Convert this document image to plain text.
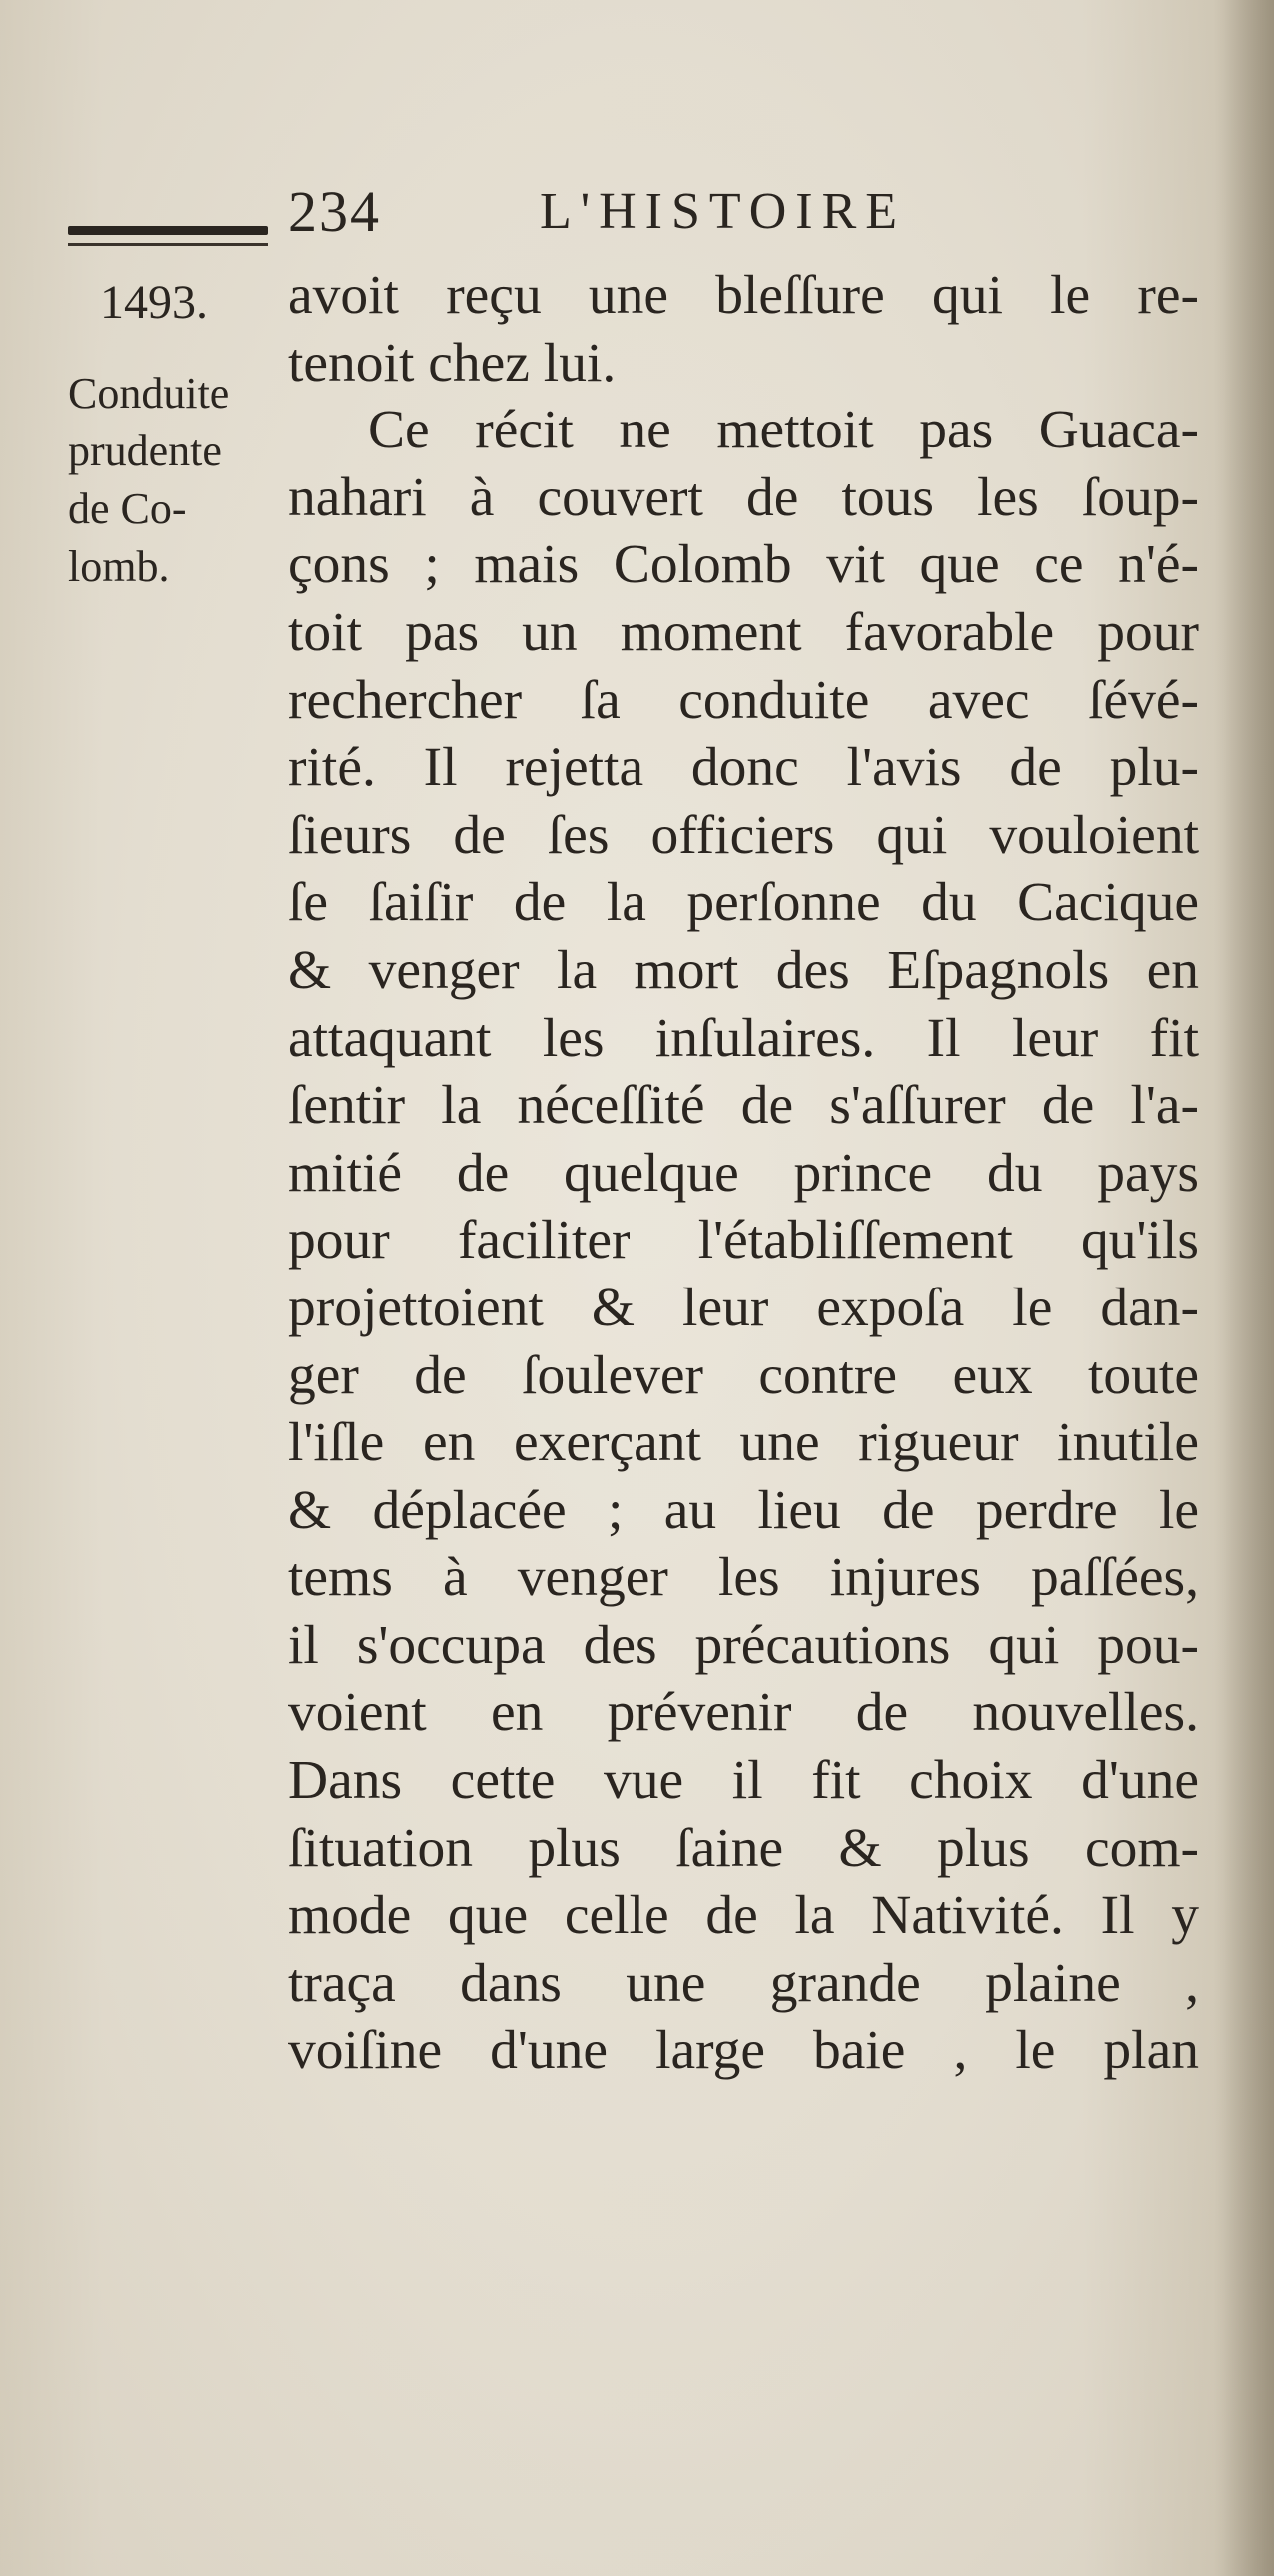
234	L'HISTOIRE
1493.
Conduite
prudente
de Co-
lomb.
avoit reçu une bleſſure qui le re-
tenoit chez lui.
Ce récit ne mettoit pas Guaca-
nahari à couvert de tous les ſoup-
çons ; mais Colomb vit que ce n'é-
toit pas un moment favorable pour
rechercher ſa conduite avec ſévé-
rité. Il rejetta donc l'avis de plu-
ſieurs de ſes officiers qui vouloient
ſe ſaiſir de la perſonne du Cacique
& venger la mort des Eſpagnols en
attaquant les inſulaires. Il leur fit
ſentir la néceſſité de s'aſſurer de l'a-
mitié de quelque prince du pays
pour faciliter l'établiſſement qu'ils
projettoient & leur expoſa le dan-
ger de ſoulever contre eux toute
l'iſle en exerçant une rigueur inutile
& déplacée ; au lieu de perdre le
tems à venger les injures paſſées,
il s'occupa des précautions qui pou-
voient en prévenir de nouvelles.
Dans cette vue il fit choix d'une
ſituation plus ſaine & plus com-
mode que celle de la Nativité. Il y
traça dans une grande plaine ,
voiſine d'une large baie , le plan
